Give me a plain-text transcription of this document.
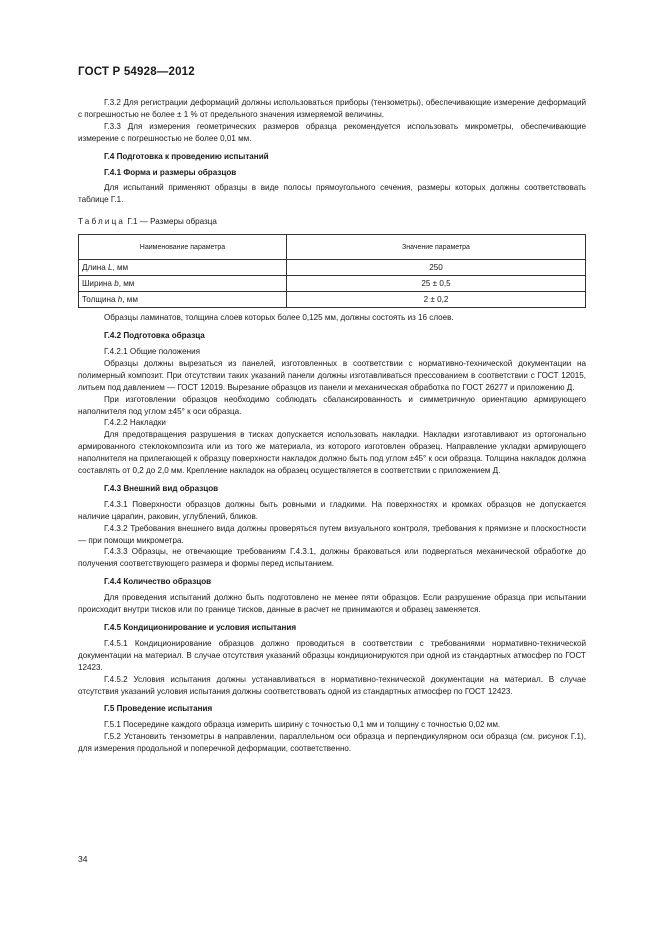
ГОСТ Р 54928—2012
Г.3.2 Для регистрации деформаций должны использоваться приборы (тензометры), обеспечивающие измерение деформаций с погрешностью не более ± 1 % от предельного значения измеряемой величины.
Г.3.3 Для измерения геометрических размеров образца рекомендуется использовать микрометры, обеспечивающие измерение с погрешностью не более 0,01 мм.
Г.4 Подготовка к проведению испытаний
Г.4.1 Форма и размеры образцов
Для испытаний применяют образцы в виде полосы прямоугольного сечения, размеры которых должны соответствовать таблице Г.1.
Таблица Г.1 — Размеры образца
Наименование параметра	Значение параметра
Длина L, мм	250
Ширина b, мм	25 ± 0,5
Толщина h, мм	2 ± 0,2
Образцы ламинатов, толщина слоев которых более 0,125 мм, должны состоять из 16 слоев.
Г.4.2 Подготовка образца
Г.4.2.1 Общие положения
Образцы должны вырезаться из панелей, изготовленных в соответствии с нормативно-технической документации на полимерный композит. При отсутствии таких указаний панели должны изготавливаться прессованием в соответствии с ГОСТ 12015, литьем под давлением — ГОСТ 12019. Вырезание образцов из панели и механическая обработка по ГОСТ 26277 и приложению Д.
При изготовлении образцов необходимо соблюдать сбалансированность и симметричную ориентацию армирующего наполнителя под углом ±45° к оси образца.
Г.4.2.2 Накладки
Для предотвращения разрушения в тисках допускается использовать накладки. Накладки изготавливают из ортогонально армированного стеклокомпозита или из того же материала, из которого изготовлен образец. Направление укладки армирующего наполнителя на прилегающей к образцу поверхности накладок должно быть под углом ±45° к оси образца. Толщина накладок должна составлять от 0,2 до 2,0 мм. Крепление накладок на образец осуществляется в соответствии с приложением Д.
Г.4.3 Внешний вид образцов
Г.4.3.1 Поверхности образцов должны быть ровными и гладкими. На поверхностях и кромках образцов не допускается наличие царапин, раковин, углублений, бликов.
Г.4.3.2 Требования внешнего вида должны проверяться путем визуального контроля, требования к прямизне и плоскостности — при помощи микрометра.
Г.4.3.3 Образцы, не отвечающие требованиям Г.4.3.1, должны браковаться или подвергаться механической обработке до получения соответствующего размера и формы перед испытанием.
Г.4.4 Количество образцов
Для проведения испытаний должно быть подготовлено не менее пяти образцов. Если разрушение образца при испытании происходит внутри тисков или по границе тисков, данные в расчет не принимаются и образец заменяется.
Г.4.5 Кондиционирование и условия испытания
Г.4.5.1 Кондиционирование образцов должно проводиться в соответствии с требованиями нормативно-технической документации на материал. В случае отсутствия указаний образцы кондиционируются при одной из стандартных атмосфер по ГОСТ 12423.
Г.4.5.2 Условия испытания должны устанавливаться в нормативно-технической документации на материал. В случае отсутствия указаний условия испытания должны соответствовать одной из стандартных атмосфер по ГОСТ 12423.
Г.5 Проведение испытания
Г.5.1 Посередине каждого образца измерить ширину с точностью 0,1 мм и толщину с точностью 0,02 мм.
Г.5.2 Установить тензометры в направлении, параллельном оси образца и перпендикулярном оси образца (см. рисунок Г.1), для измерения продольной и поперечной деформации, соответственно.
34
